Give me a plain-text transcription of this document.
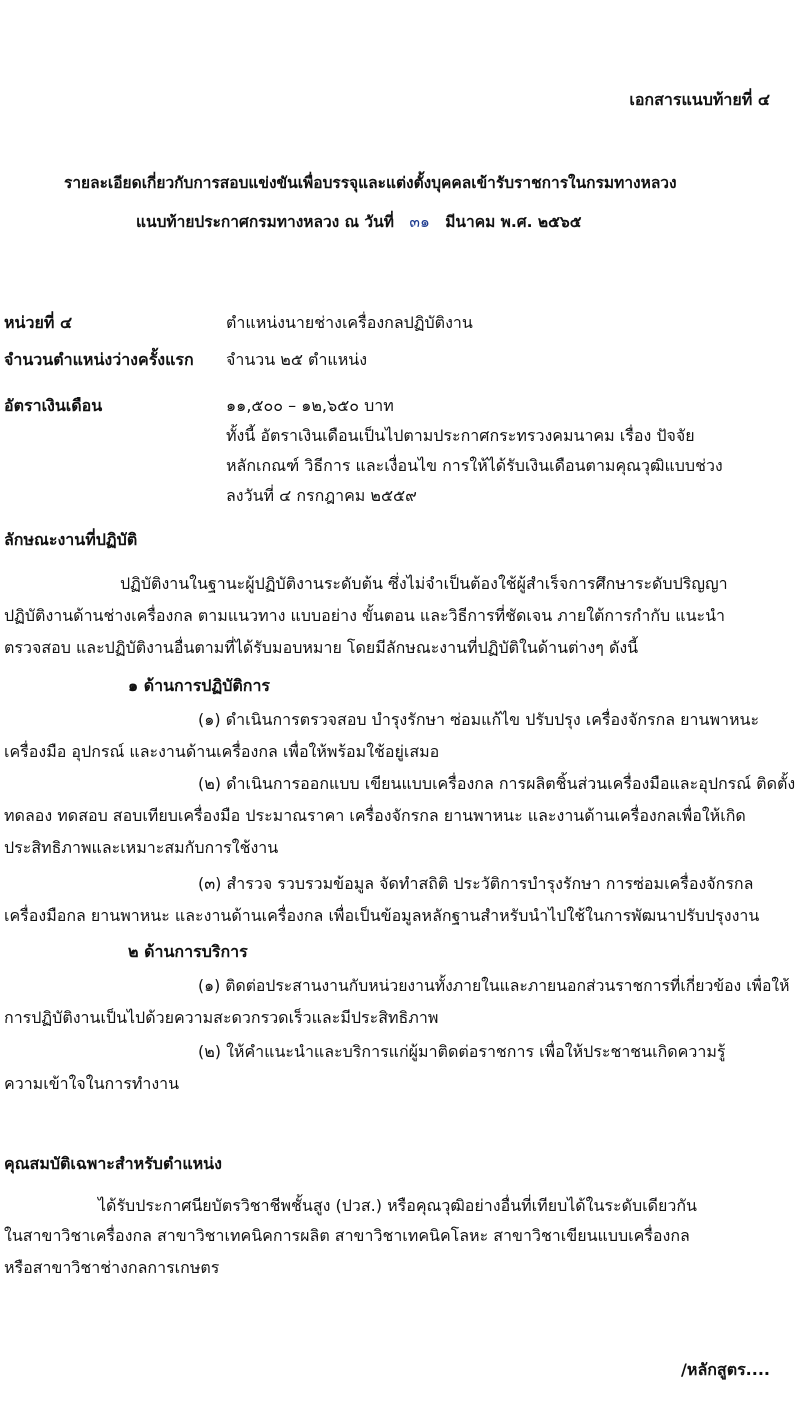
เอกสารแนบท้ายที่ ๔
รายละเอียดเกี่ยวกับการสอบแข่งขันเพื่อบรรจุและแต่งตั้งบุคคลเข้ารับราชการในกรมทางหลวง
แนบท้ายประกาศกรมทางหลวง ณ วันที่ ๓๑ มีนาคม พ.ศ. ๒๕๖๕
หน่วยที่ ๔	ตำแหน่งนายช่างเครื่องกลปฏิบัติงาน
จำนวนตำแหน่งว่างครั้งแรก จำนวน ๒๕ ตำแหน่ง
อัตราเงินเดือน	๑๑,๕๐๐ – ๑๒,๖๕๐ บาท
ทั้งนี้ อัตราเงินเดือนเป็นไปตามประกาศกระทรวงคมนาคม เรื่อง ปัจจัย
หลักเกณฑ์ วิธีการ และเงื่อนไข การให้ได้รับเงินเดือนตามคุณวุฒิแบบช่วง
ลงวันที่ ๔ กรกฎาคม ๒๕๕๙
ลักษณะงานที่ปฏิบัติ
ปฏิบัติงานในฐานะผู้ปฏิบัติงานระดับต้น ซึ่งไม่จำเป็นต้องใช้ผู้สำเร็จการศึกษาระดับปริญญา
ปฏิบัติงานด้านช่างเครื่องกล ตามแนวทาง แบบอย่าง ขั้นตอน และวิธีการที่ชัดเจน ภายใต้การกำกับ แนะนำ
ตรวจสอบ และปฏิบัติงานอื่นตามที่ได้รับมอบหมาย โดยมีลักษณะงานที่ปฏิบัติในด้านต่างๆ ดังนี้
๑ ด้านการปฏิบัติการ
(๑) ดำเนินการตรวจสอบ บำรุงรักษา ซ่อมแก้ไข ปรับปรุง เครื่องจักรกล ยานพาหนะ
เครื่องมือ อุปกรณ์ และงานด้านเครื่องกล เพื่อให้พร้อมใช้อยู่เสมอ
(๒) ดำเนินการออกแบบ เขียนแบบเครื่องกล การผลิตชิ้นส่วนเครื่องมือและอุปกรณ์ ติดตั้ง
ทดลอง ทดสอบ สอบเทียบเครื่องมือ ประมาณราคา เครื่องจักรกล ยานพาหนะ และงานด้านเครื่องกลเพื่อให้เกิด
ประสิทธิภาพและเหมาะสมกับการใช้งาน
(๓) สำรวจ รวบรวมข้อมูล จัดทำสถิติ ประวัติการบำรุงรักษา การซ่อมเครื่องจักรกล
เครื่องมือกล ยานพาหนะ และงานด้านเครื่องกล เพื่อเป็นข้อมูลหลักฐานสำหรับนำไปใช้ในการพัฒนาปรับปรุงงาน
๒ ด้านการบริการ
(๑) ติดต่อประสานงานกับหน่วยงานทั้งภายในและภายนอกส่วนราชการที่เกี่ยวข้อง เพื่อให้
การปฏิบัติงานเป็นไปด้วยความสะดวกรวดเร็วและมีประสิทธิภาพ
(๒) ให้คำแนะนำและบริการแก่ผู้มาติดต่อราชการ เพื่อให้ประชาชนเกิดความรู้
ความเข้าใจในการทำงาน
คุณสมบัติเฉพาะสำหรับตำแหน่ง
ได้รับประกาศนียบัตรวิชาชีพชั้นสูง (ปวส.) หรือคุณวุฒิอย่างอื่นที่เทียบได้ในระดับเดียวกัน
ในสาขาวิชาเครื่องกล สาขาวิชาเทคนิคการผลิต สาขาวิชาเทคนิคโลหะ สาขาวิชาเขียนแบบเครื่องกล
หรือสาขาวิชาช่างกลการเกษตร
/หลักสูตร....
